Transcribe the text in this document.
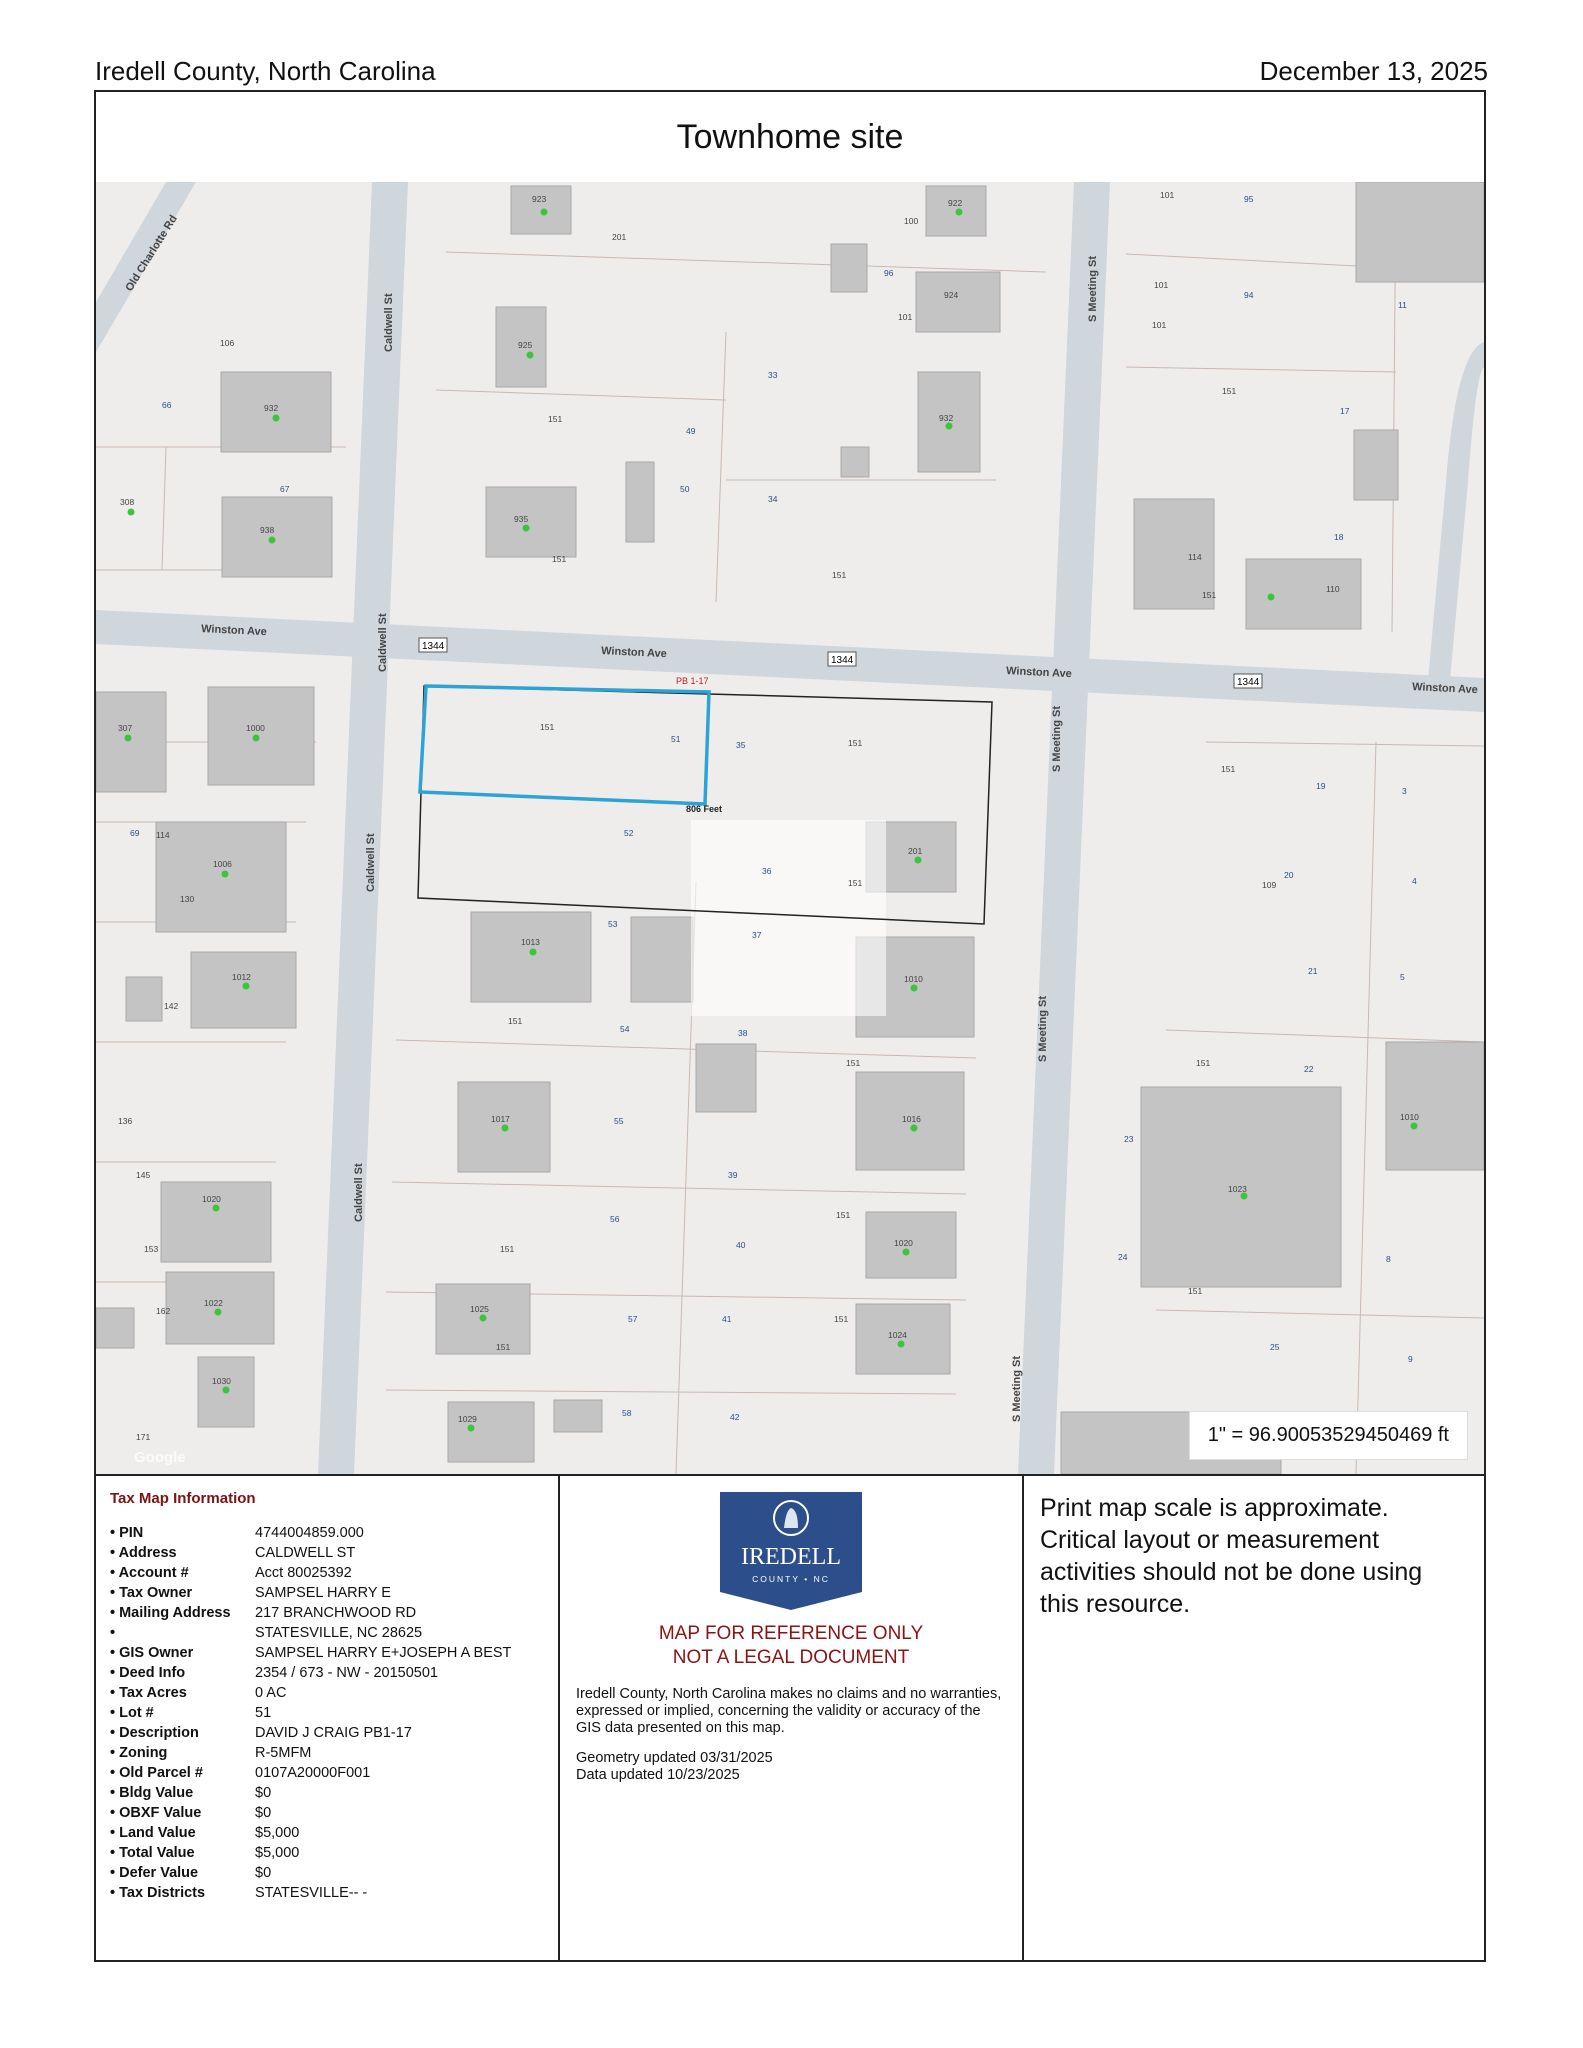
Iredell County, North Carolina	December 13, 2025
Townhome site
Winston Ave
Winston Ave
Winston Ave
Winston Ave
Caldwell St
Caldwell St
Caldwell St
Caldwell St
S Meeting St
S Meeting St
S Meeting St
S Meeting St
Old Charlotte Rd
1344
1344
1344
51
35
52
36
53
37
54	38
55
39
56
40
57	41
58	42
19	3
20
4
21
5
22
23
24	8
25
9
17
18
49
50
33
34
96
66
67
95
94
11
69
923	922
201
100
924
101
925
932
932
935
938
308
1000
307
1006
1013
1010
1012
1017	1016
1020
1020
1022
1025
1024
1030
1029
201
109
1023
1010
114
110
114
130
142
151
151
151
151
151
151
151
151
151
151
151
151
151
151
151
151
151
106
162
153
145
136
171
101
101
101
806 Feet
PB 1-17
Google
1" = 96.90053529450469 ft
Tax Map Information
• PIN	4744004859.000
• Address	CALDWELL ST
• Account #	Acct 80025392
• Tax Owner	SAMPSEL HARRY E
• Mailing Address	217 BRANCHWOOD RD
•	STATESVILLE, NC 28625
• GIS Owner	SAMPSEL HARRY E+JOSEPH A BEST
• Deed Info	2354 / 673 - NW - 20150501
• Tax Acres	0 AC
• Lot #	51
• Description	DAVID J CRAIG PB1-17
• Zoning	R-5MFM
• Old Parcel #	0107A20000F001
• Bldg Value	$0
• OBXF Value	$0
• Land Value	$5,000
• Total Value	$5,000
• Defer Value	$0
• Tax Districts	STATESVILLE-- -
IREDELL
COUNTY • NC
MAP FOR REFERENCE ONLY
NOT A LEGAL DOCUMENT
Iredell County, North Carolina makes no claims and no warranties, expressed or implied, concerning the validity or accuracy of the GIS data presented on this map.
Geometry updated 03/31/2025
Data updated 10/23/2025
Print map scale is approximate. Critical layout or measurement activities should not be done using this resource.
